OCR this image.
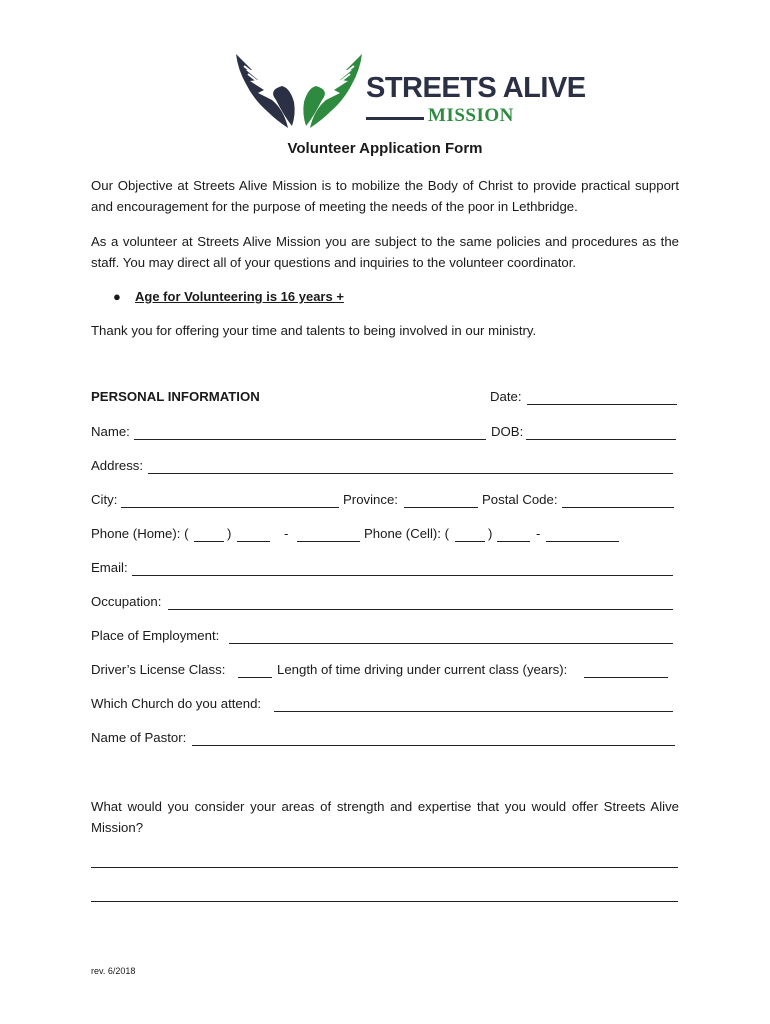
STREETS ALIVE
MISSION
Volunteer Application Form
Our Objective at Streets Alive Mission is to mobilize the Body of Christ to provide practical support and encouragement for the purpose of meeting the needs of the poor in Lethbridge.
As a volunteer at Streets Alive Mission you are subject to the same policies and procedures as the staff. You may direct all of your questions and inquiries to the volunteer coordinator.
● Age for Volunteering is 16 years +
Thank you for offering your time and talents to being involved in our ministry.
PERSONAL INFORMATION	Date:
Name:	DOB:
Address:
City:	Province:	Postal Code:
Phone (Home): (	)	-	Phone (Cell): (	)	-
Email:
Occupation:
Place of Employment:
Driver’s License Class:	Length of time driving under current class (years):
Which Church do you attend:
Name of Pastor:
What would you consider your areas of strength and expertise that you would offer Streets Alive Mission?
rev. 6/2018
